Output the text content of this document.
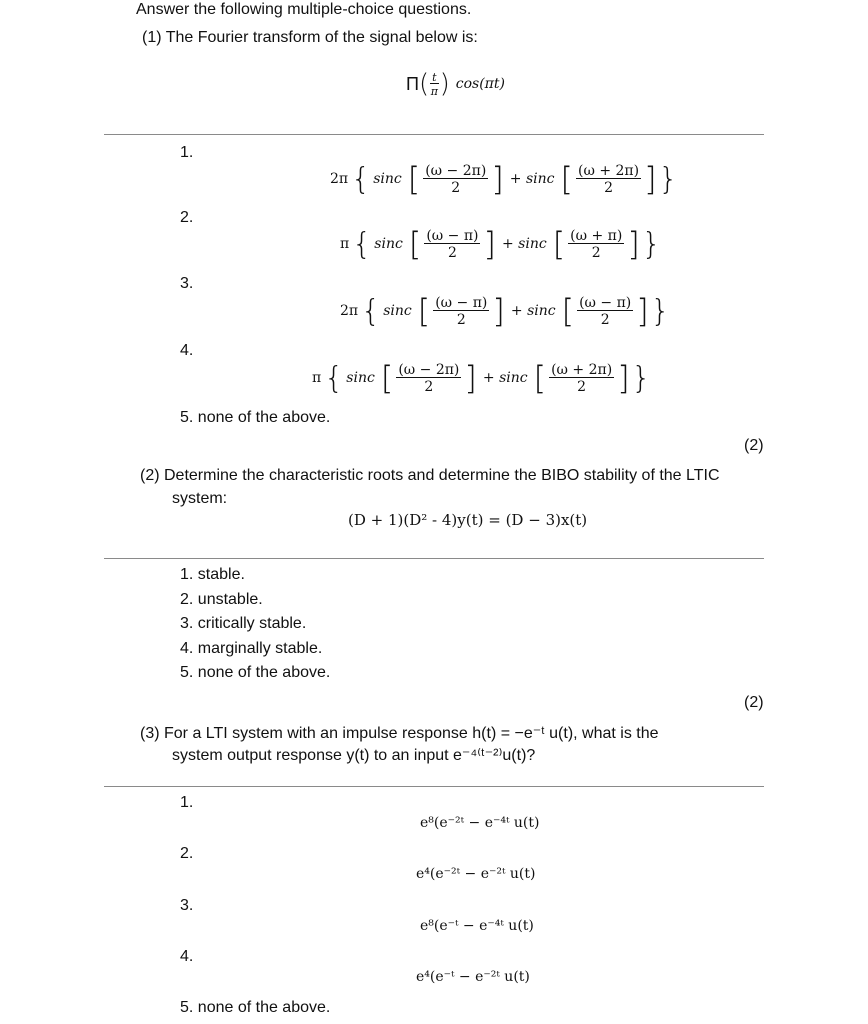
Answer the following multiple-choice questions.
(1) The Fourier transform of the signal below is:
Π ( $\frac{t}{\pi}$ ) cos(πt)
1.
2π { sinc [ $\frac{(\omega - 2\pi)}{2}$ ] +
sinc [ $\frac{(\omega + 2\pi)}{2}$ ] }
2.
π { sinc [ $\frac{(\omega - \pi)}{2}$ ] +
sinc [ $\frac{(\omega + \pi)}{2}$ ] }
3.
2π { sinc [ $\frac{(\omega - \pi)}{2}$ ] +
sinc [ $\frac{(\omega - \pi)}{2}$ ] }
4.
π { sinc [ $\frac{(\omega - 2\pi)}{2}$ ] +
sinc [ $\frac{(\omega + 2\pi)}{2}$ ] }
5. none of the above.
(2)
(2) Determine the characteristic roots and determine the BIBO stability of the LTIC
system:
(D + 1)(D² - 4)y(t) = (D − 3)x(t)
1. stable.
2. unstable.
3. critically stable.
4. marginally stable.
5. none of the above.
(2)
(3) For a LTI system with an impulse response h(t) = −e⁻ᵗ u(t), what is the
system output response y(t) to an input e⁻⁴⁽ᵗ⁻²⁾u(t)?
1.
e⁸(e⁻²ᵗ − e⁻⁴ᵗ u(t)
2.
e⁴(e⁻²ᵗ − e⁻²ᵗ u(t)
3.
e⁸(e⁻ᵗ − e⁻⁴ᵗ u(t)
4.
e⁴(e⁻ᵗ − e⁻²ᵗ u(t)
5. none of the above.
